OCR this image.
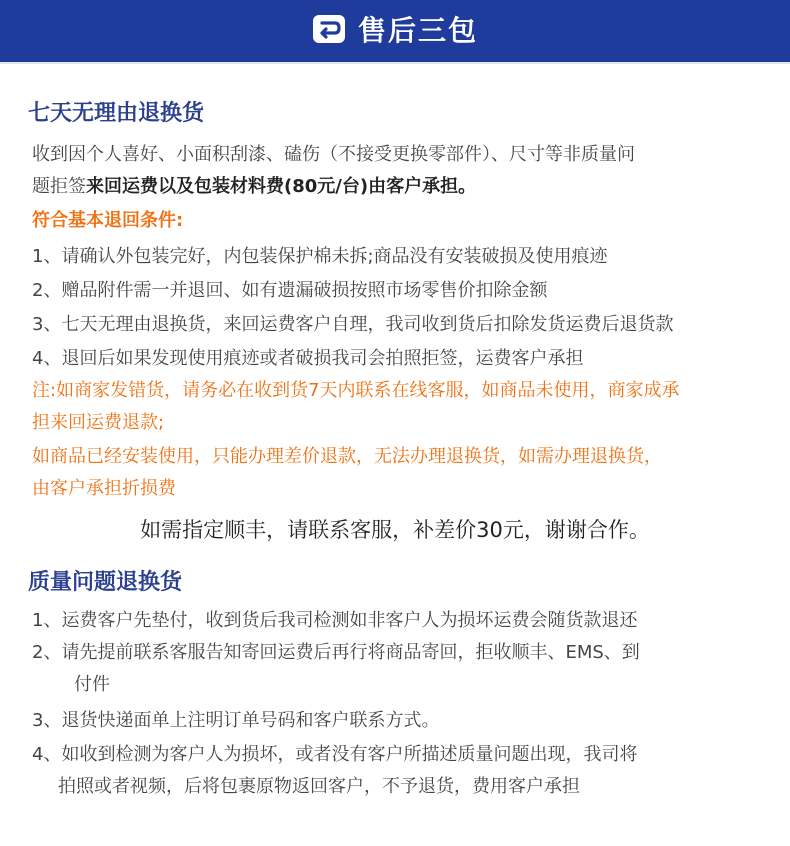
售后三包
七天无理由退换货
收到因个人喜好、小面积刮漆、磕伤（不接受更换零部件）、尺寸等非质量问
题拒签来回运费以及包装材料费(80元/台)由客户承担。
符合基本退回条件:
1、请确认外包装完好，内包装保护棉未拆;商品没有安装破损及使用痕迹
2、赠品附件需一并退回、如有遗漏破损按照市场零售价扣除金额
3、七天无理由退换货，来回运费客户自理，我司收到货后扣除发货运费后退货款
4、退回后如果发现使用痕迹或者破损我司会拍照拒签，运费客户承担
注:如商家发错货，请务必在收到货7天内联系在线客服，如商品未使用，商家成承
担来回运费退款;
如商品已经安装使用，只能办理差价退款，无法办理退换货，如需办理退换货，
由客户承担折损费
如需指定顺丰，请联系客服，补差价30元，谢谢合作。
质量问题退换货
1、运费客户先垫付，收到货后我司检测如非客户人为损坏运费会随货款退还
2、请先提前联系客服告知寄回运费后再行将商品寄回，拒收顺丰、EMS、到
付件
3、退货快递面单上注明订单号码和客户联系方式。
4、如收到检测为客户人为损坏，或者没有客户所描述质量问题出现，我司将
拍照或者视频，后将包裹原物返回客户，不予退货，费用客户承担
